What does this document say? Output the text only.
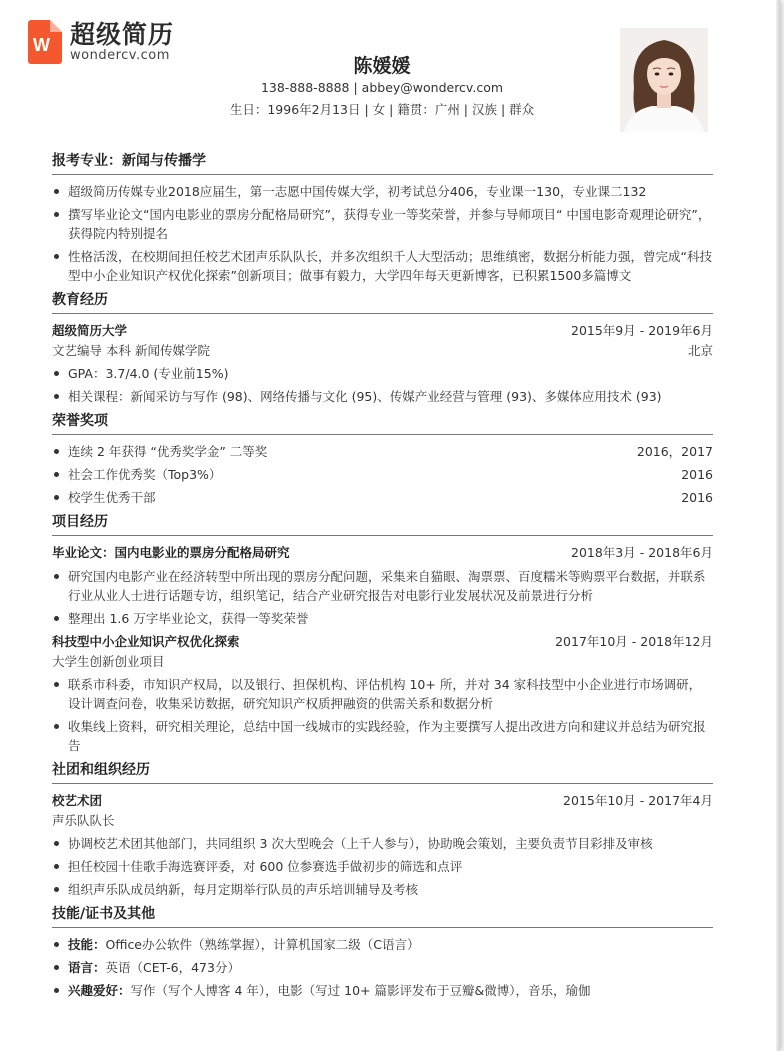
W 超级简历
wondercv.com	陈媛媛
138-888-8888 | abbey@wondercv.com
生日：1996年2月13日 | 女 | 籍贯：广州 | 汉族 | 群众
报考专业：新闻与传播学
超级简历传媒专业2018应届生，第一志愿中国传媒大学，初考试总分406，专业课一130，专业课二132
撰写毕业论文“国内电影业的票房分配格局研究”，获得专业一等奖荣誉，并参与导师项目“ 中国电影奇观理论研究”，获得院内特别提名
性格活泼，在校期间担任校艺术团声乐队队长，并多次组织千人大型活动；思维缜密，数据分析能力强，曾完成“科技型中小企业知识产权优化探索”创新项目；做事有毅力，大学四年每天更新博客，已积累1500多篇博文
教育经历
超级简历大学	2015年9月 - 2019年6月
文艺编导 本科 新闻传媒学院	北京
GPA：3.7/4.0 (专业前15%)
相关课程：新闻采访与写作 (98)、网络传播与文化 (95)、传媒产业经营与管理 (93)、多媒体应用技术 (93)
荣誉奖项
连续 2 年获得 “优秀奖学金” 二等奖	2016，2017
社会工作优秀奖（Top3%）	2016
校学生优秀干部	2016
项目经历
毕业论文：国内电影业的票房分配格局研究	2018年3月 - 2018年6月
研究国内电影产业在经济转型中所出现的票房分配问题，采集来自猫眼、淘票票、百度糯米等购票平台数据，并联系行业从业人士进行话题专访，组织笔记，结合产业研究报告对电影行业发展状况及前景进行分析
整理出 1.6 万字毕业论文，获得一等奖荣誉
科技型中小企业知识产权优化探索	2017年10月 - 2018年12月
大学生创新创业项目
联系市科委，市知识产权局，以及银行、担保机构、评估机构 10+ 所，并对 34 家科技型中小企业进行市场调研，设计调查问卷，收集采访数据，研究知识产权质押融资的供需关系和数据分析
收集线上资料，研究相关理论，总结中国一线城市的实践经验，作为主要撰写人提出改进方向和建议并总结为研究报告
社团和组织经历
校艺术团	2015年10月 - 2017年4月
声乐队队长
协调校艺术团其他部门，共同组织 3 次大型晚会（上千人参与），协助晚会策划，主要负责节目彩排及审核
担任校园十佳歌手海选赛评委，对 600 位参赛选手做初步的筛选和点评
组织声乐队成员纳新，每月定期举行队员的声乐培训辅导及考核
技能/证书及其他
技能：Office办公软件（熟练掌握），计算机国家二级（C语言）
语言：英语（CET-6，473分）
兴趣爱好：写作（写个人博客 4 年），电影（写过 10+ 篇影评发布于豆瓣&微博），音乐，瑜伽
